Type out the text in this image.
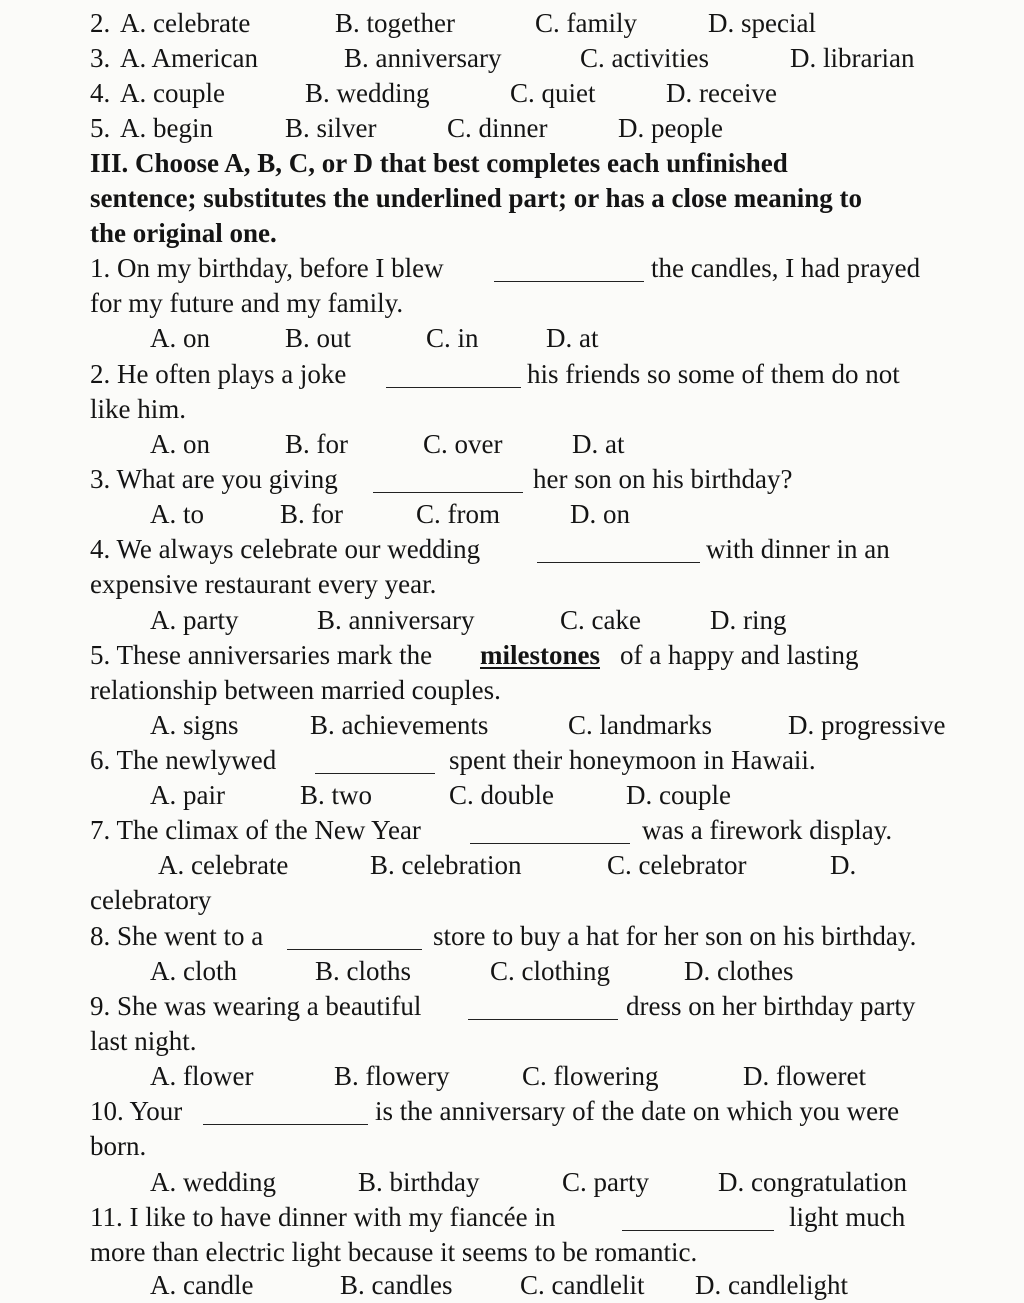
2. A. celebrate	B. together	C. family	D. special
3. A. American	B. anniversary	C. activities	D. librarian
4. A. couple	B. wedding	C. quiet	D. receive
5. A. begin	B. silver	C. dinner	D. people
III. Choose A, B, C, or D that best completes each unfinished
sentence; substitutes the underlined part; or has a close meaning to
the original one.
1. On my birthday, before I blew	the candles, I had prayed
for my future and my family.
A. on	B. out	C. in D. at
2. He often plays a joke	his friends so some of them do not
like him.
A. on	B. for	C. over	D. at
3. What are you giving	her son on his birthday?
A. to	B. for	C. from	D. on
4. We always celebrate our wedding	with dinner in an
expensive restaurant every year.
A. party	B. anniversary	C. cake	D. ring
5. These anniversaries mark the milestones of a happy and lasting
relationship between married couples.
A. signs	B. achievements	C. landmarks	D. progressive
6. The newlywed	spent their honeymoon in Hawaii.
A. pair	B. two	C. double	D. couple
7. The climax of the New Year	was a firework display.
A. celebrate	B. celebration	C. celebrator	D.
celebratory
8. She went to a	store to buy a hat for her son on his birthday.
A. cloth	B. cloths	C. clothing	D. clothes
9. She was wearing a beautiful	dress on her birthday party
last night.
A. flower	B. flowery	C. flowering	D. floweret
10. Your	is the anniversary of the date on which you were
born.
A. wedding	B. birthday	C. party	D. congratulation
11. I like to have dinner with my fiancée in	light much
more than electric light because it seems to be romantic.
A. candle	B. candles	C. candlelit D. candlelight
